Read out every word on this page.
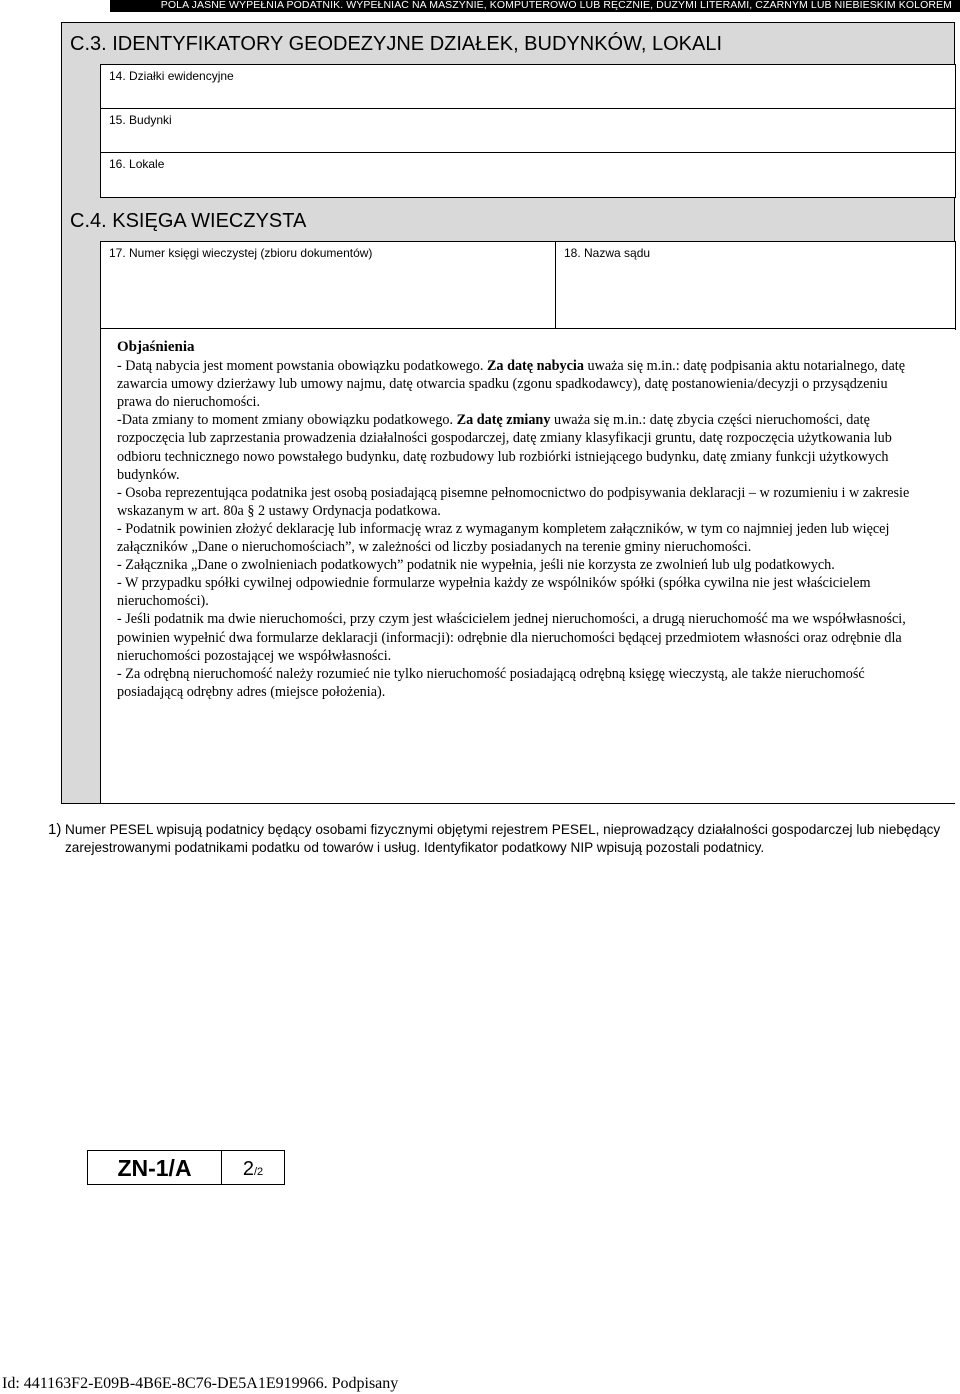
POLA JASNE WYPEŁNIA PODATNIK. WYPEŁNIAĆ NA MASZYNIE, KOMPUTEROWO LUB RĘCZNIE, DUŻYMI LITERAMI, CZARNYM LUB NIEBIESKIM KOLOREM
C.3. IDENTYFIKATORY GEODEZYJNE DZIAŁEK, BUDYNKÓW, LOKALI
14. Działki ewidencyjne
15. Budynki
16. Lokale
C.4. KSIĘGA WIECZYSTA
17. Numer księgi wieczystej (zbioru dokumentów)	18. Nazwa sądu

Objaśnienia

- Datą nabycia jest moment powstania obowiązku podatkowego. Za datę nabycia uważa się m.in.: datę podpisania aktu notarialnego, datę zawarcia umowy dzierżawy lub umowy najmu, datę otwarcia spadku (zgonu spadkodawcy), datę postanowienia/decyzji o przysądzeniu prawa do nieruchomości.

-Data zmiany to moment zmiany obowiązku podatkowego. Za datę zmiany uważa się m.in.: datę zbycia części nieruchomości, datę rozpoczęcia lub zaprzestania prowadzenia działalności gospodarczej, datę zmiany klasyfikacji gruntu, datę rozpoczęcia użytkowania lub odbioru technicznego nowo powstałego budynku, datę rozbudowy lub rozbiórki istniejącego budynku, datę zmiany funkcji użytkowych budynków.

- Osoba reprezentująca podatnika jest osobą posiadającą pisemne pełnomocnictwo do podpisywania deklaracji – w rozumieniu i w zakresie wskazanym w art. 80a § 2 ustawy Ordynacja podatkowa.

- Podatnik powinien złożyć deklarację lub informację wraz z wymaganym kompletem załączników, w tym co najmniej jeden lub więcej załączników „Dane o nieruchomościach”, w zależności od liczby posiadanych na terenie gminy nieruchomości.

- Załącznika „Dane o zwolnieniach podatkowych” podatnik nie wypełnia, jeśli nie korzysta ze zwolnień lub ulg podatkowych.

- W przypadku spółki cywilnej odpowiednie formularze wypełnia każdy ze wspólników spółki (spółka cywilna nie jest właścicielem nieruchomości).

- Jeśli podatnik ma dwie nieruchomości, przy czym jest właścicielem jednej nieruchomości, a drugą nieruchomość ma we współwłasności, powinien wypełnić dwa formularze deklaracji (informacji): odrębnie dla nieruchomości będącej przedmiotem własności oraz odrębnie dla nieruchomości pozostającej we współwłasności.

- Za odrębną nieruchomość należy rozumieć nie tylko nieruchomość posiadającą odrębną księgę wieczystą, ale także nieruchomość posiadającą odrębny adres (miejsce położenia).

1) Numer PESEL wpisują podatnicy będący osobami fizycznymi objętymi rejestrem PESEL, nieprowadzący działalności gospodarczej lub niebędący zarejestrowanymi podatnikami podatku od towarów i usług. Identyfikator podatkowy NIP wpisują pozostali podatnicy.
ZN-1/A	2/2
Id: 441163F2-E09B-4B6E-8C76-DE5A1E919966. Podpisany
